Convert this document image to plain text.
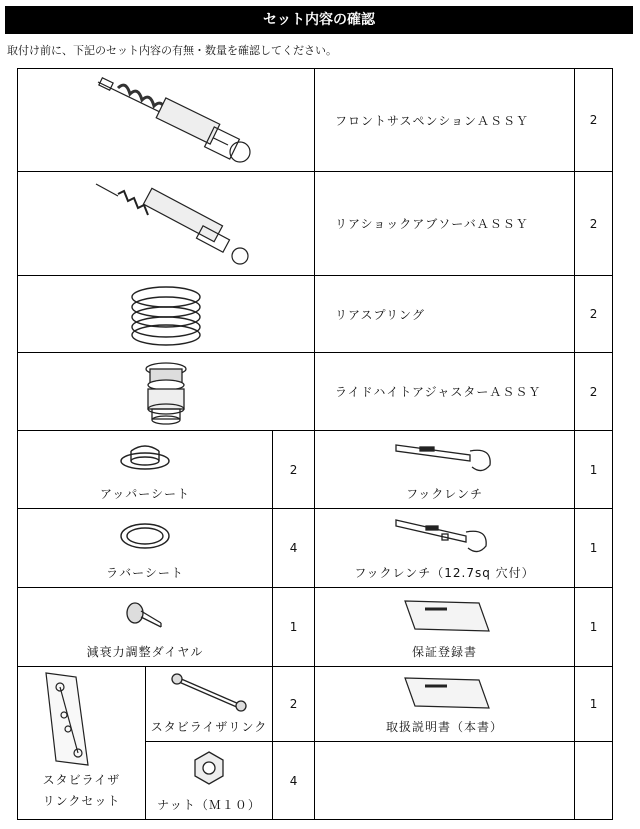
セット内容の確認
取付け前に、下記のセット内容の有無・数量を確認してください。
	フロントサスペンションＡＳＳＹ	2

	リアショックアブソーバＡＳＳＹ	2

	リアスプリング	2

	ライドハイトアジャスターＡＳＳＹ	2

アッパーシート		2	フックレンチ	1

ラバーシート		4	フックレンチ（12.7sq 穴付）	1

減衰力調整ダイヤル		1	保証登録書	1

スタビライザ
リンクセット	スタビライザリンク	2	取扱説明書（本書）	1

	ナット（Ｍ１０）	4		
